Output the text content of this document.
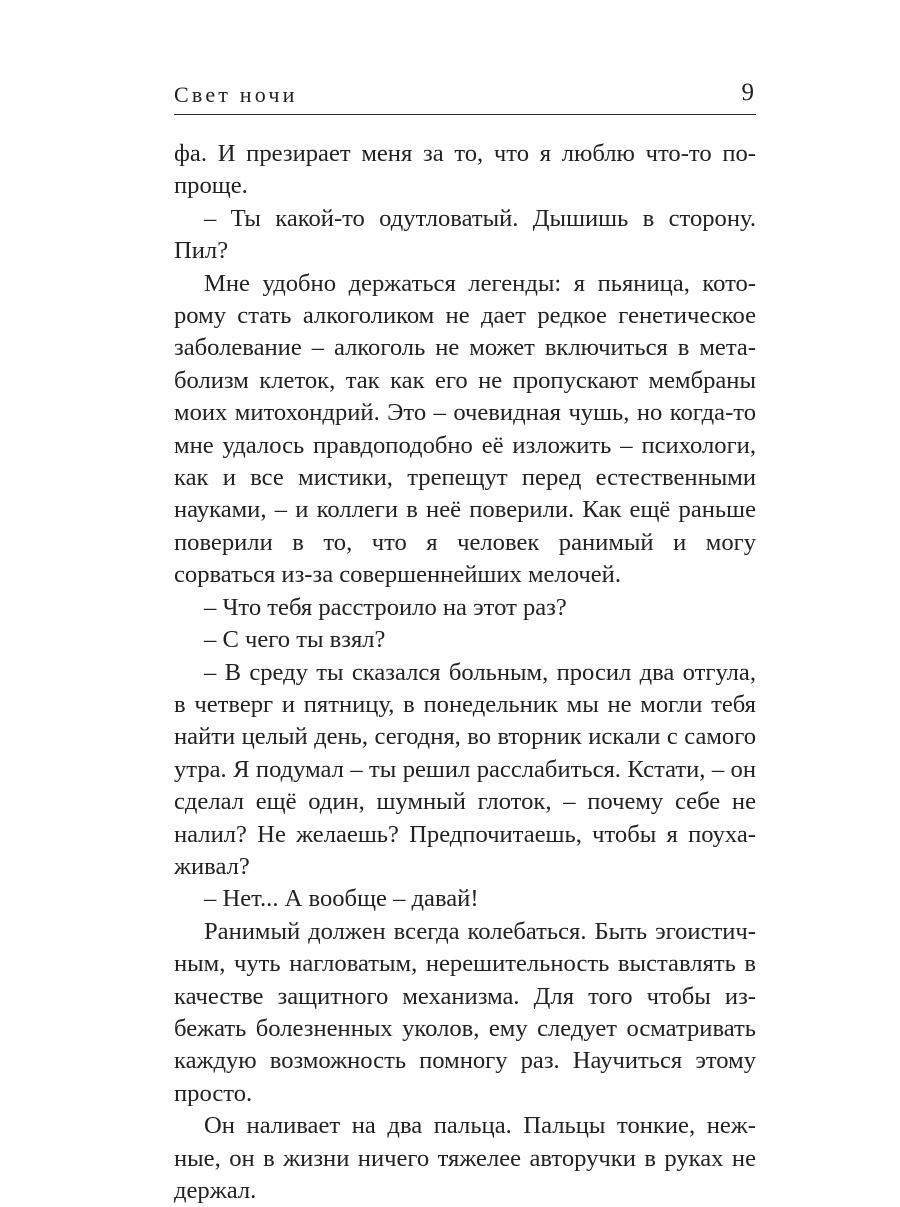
Свет ночи	9

фа. И презирает меня за то, что я люблю что-то попроще.

– Ты какой-то одутловатый. Дышишь в сторону. Пил?

Мне удобно держаться легенды: я пьяница, которому стать алкоголиком не дает редкое генетическое заболевание – алкоголь не может включиться в метаболизм клеток, так как его не пропускают мембраны моих митохондрий. Это – очевидная чушь, но когда-то мне удалось правдоподобно её изложить – психологи, как и все мистики, трепещут перед естественными науками, – и коллеги в неё поверили. Как ещё раньше поверили в то, что я человек ранимый и могу сорваться из-за совершеннейших мелочей.

– Что тебя расстроило на этот раз?

– С чего ты взял?

– В среду ты сказался больным, просил два отгула, в четверг и пятницу, в понедельник мы не могли тебя найти целый день, сегодня, во вторник искали с самого утра. Я подумал – ты решил расслабиться. Кстати, – он сделал ещё один, шумный глоток, – почему себе не налил? Не желаешь? Предпочитаешь, чтобы я поухаживал?

– Нет... А вообще – давай!

Ранимый должен всегда колебаться. Быть эгоистичным, чуть нагловатым, нерешительность выставлять в качестве защитного механизма. Для того чтобы избежать болезненных уколов, ему следует осматривать каждую возможность помногу раз. Научиться этому просто.

Он наливает на два пальца. Пальцы тонкие, нежные, он в жизни ничего тяжелее авторучки в руках не держал.
